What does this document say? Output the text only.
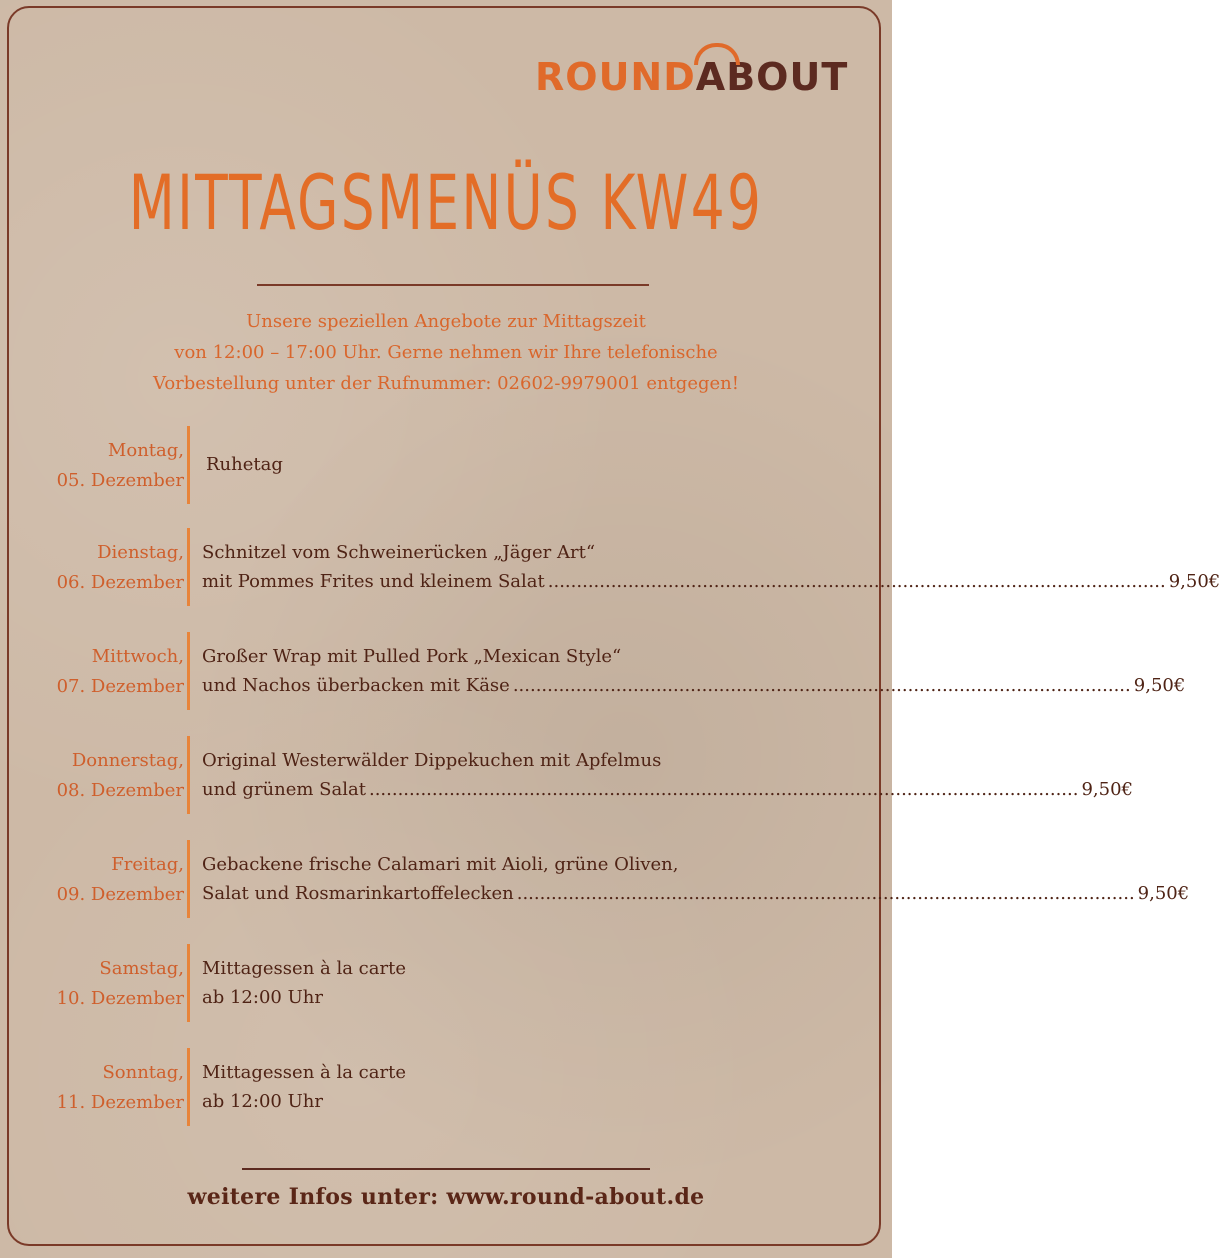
ROUND
ABOUT
MITTAGSMENÜS KW49
Unsere speziellen Angebote zur Mittagszeit
von 12:00 – 17:00 Uhr. Gerne nehmen wir Ihre telefonische
Vorbestellung unter der Rufnummer: 02602-9979001 entgegen!
Montag,
05. Dezember
Ruhetag
Dienstag,
06. Dezember
Schnitzel vom Schweinerücken „Jäger Art“
mit Pommes Frites und kleinem Salat ............................................................................................................ 9,50€
Mittwoch,
07. Dezember
Großer Wrap mit Pulled Pork „Mexican Style“
und Nachos überbacken mit Käse ............................................................................................................ 9,50€
Donnerstag,
08. Dezember
Original Westerwälder Dippekuchen mit Apfelmus
und grünem Salat ............................................................................................................................ 9,50€
Freitag,
09. Dezember
Gebackene frische Calamari mit Aioli, grüne Oliven,
Salat und Rosmarinkartoffelecken ............................................................................................................ 9,50€
Samstag,
10. Dezember
Mittagessen à la carte
ab 12:00 Uhr
Sonntag,
11. Dezember
Mittagessen à la carte
ab 12:00 Uhr
weitere Infos unter: www.round-about.de
